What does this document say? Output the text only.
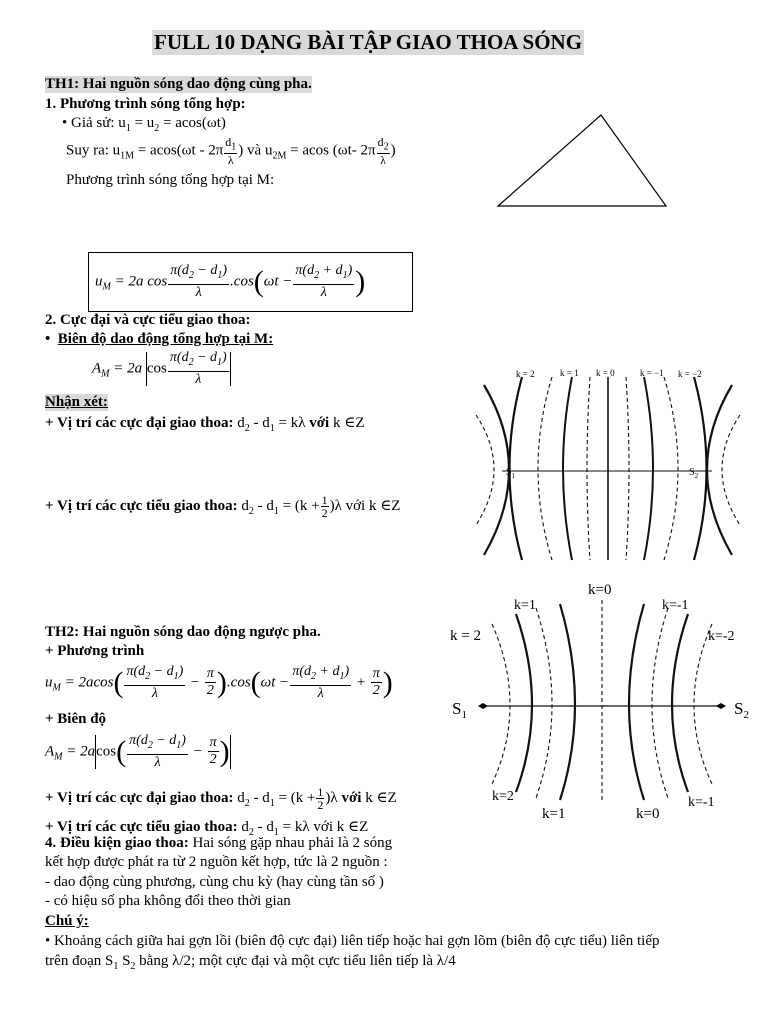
FULL 10 DẠNG BÀI TẬP GIAO THOA SÓNG
TH1: Hai nguồn sóng dao động cùng pha.
1. Phương trình sóng tổng hợp:
• Giả sử: $u_1 = u_2 = acos(\omega t)$
Suy ra: $u_{1M} = acos(\omega t - 2\pi \frac{d_1}{\lambda}$ ) và $u_{2M} = acos$ (ωt- $2\pi \frac{d_2}{\lambda}$ )
Phương trình sóng tổng hợp tại M:
$u_M = 2a$ $\cos \frac{\pi(d_2 - d_1)}{\lambda} .\cos(\omega t - \frac{\pi(d_2 + d_1)}{\lambda}$ )
2. Cực đại và cực tiểu giao thoa:
• Biên độ dao động tổng hợp tại M:
$A_M = 2a$ $\cos \frac{\pi(d_2 - d_1)}{\lambda}$
Nhận xét:
+ Vị trí các cực đại giao thoa: $d_2 - d_1 = k\lambda$ với k ∈Z
+ Vị trí các cực tiểu giao thoa: $d_2 - d_1 = (k + \frac{1}{2} )\lambda$ với k ∈Z
k = 2	k = 1 k = 0	k = −1 k = −2
$S_1$	$S_2$
TH2: Hai nguồn sóng dao động ngược pha.
+ Phương trình
$u_M = 2acos( \frac{\pi(d_2 - d_1)}{\lambda} - \frac{\pi}{2} ).\cos(\omega t - \frac{\pi(d_2 + d_1)}{\lambda} + \frac{\pi}{2}$ )
+ Biên độ
$A_M = 2acos( \frac{\pi(d_2 - d_1)}{\lambda} - \frac{\pi}{2}$ )
+ Vị trí các cực đại giao thoa: $d_2 - d_1 = (k + \frac{1}{2} )\lambda$ với k ∈Z
+ Vị trí các cực tiểu giao thoa: $d_2 - d_1 = k\lambda$ với k ∈Z
4. Điều kiện giao thoa: Hai sóng gặp nhau phải là 2 sóng
kết hợp được phát ra từ 2 nguồn kết hợp, tức là 2 nguồn :
- dao động cùng phương, cùng chu kỳ (hay cùng tần số )
- có hiệu số pha không đổi theo thời gian
Chú ý:
• Khoảng cách giữa hai gợn lồi (biên độ cực đại) liên tiếp hoặc hai gợn lõm (biên độ cực tiểu) liên tiếp
trên đoạn $S_1$ $S_2$ bằng λ/2; một cực đại và một cực tiểu liên tiếp là λ/4
k=0
k=1	k=-1
k = 2	k=-2
$S_1$	$S_2$
k=2
k=1	k=0
k=-1
